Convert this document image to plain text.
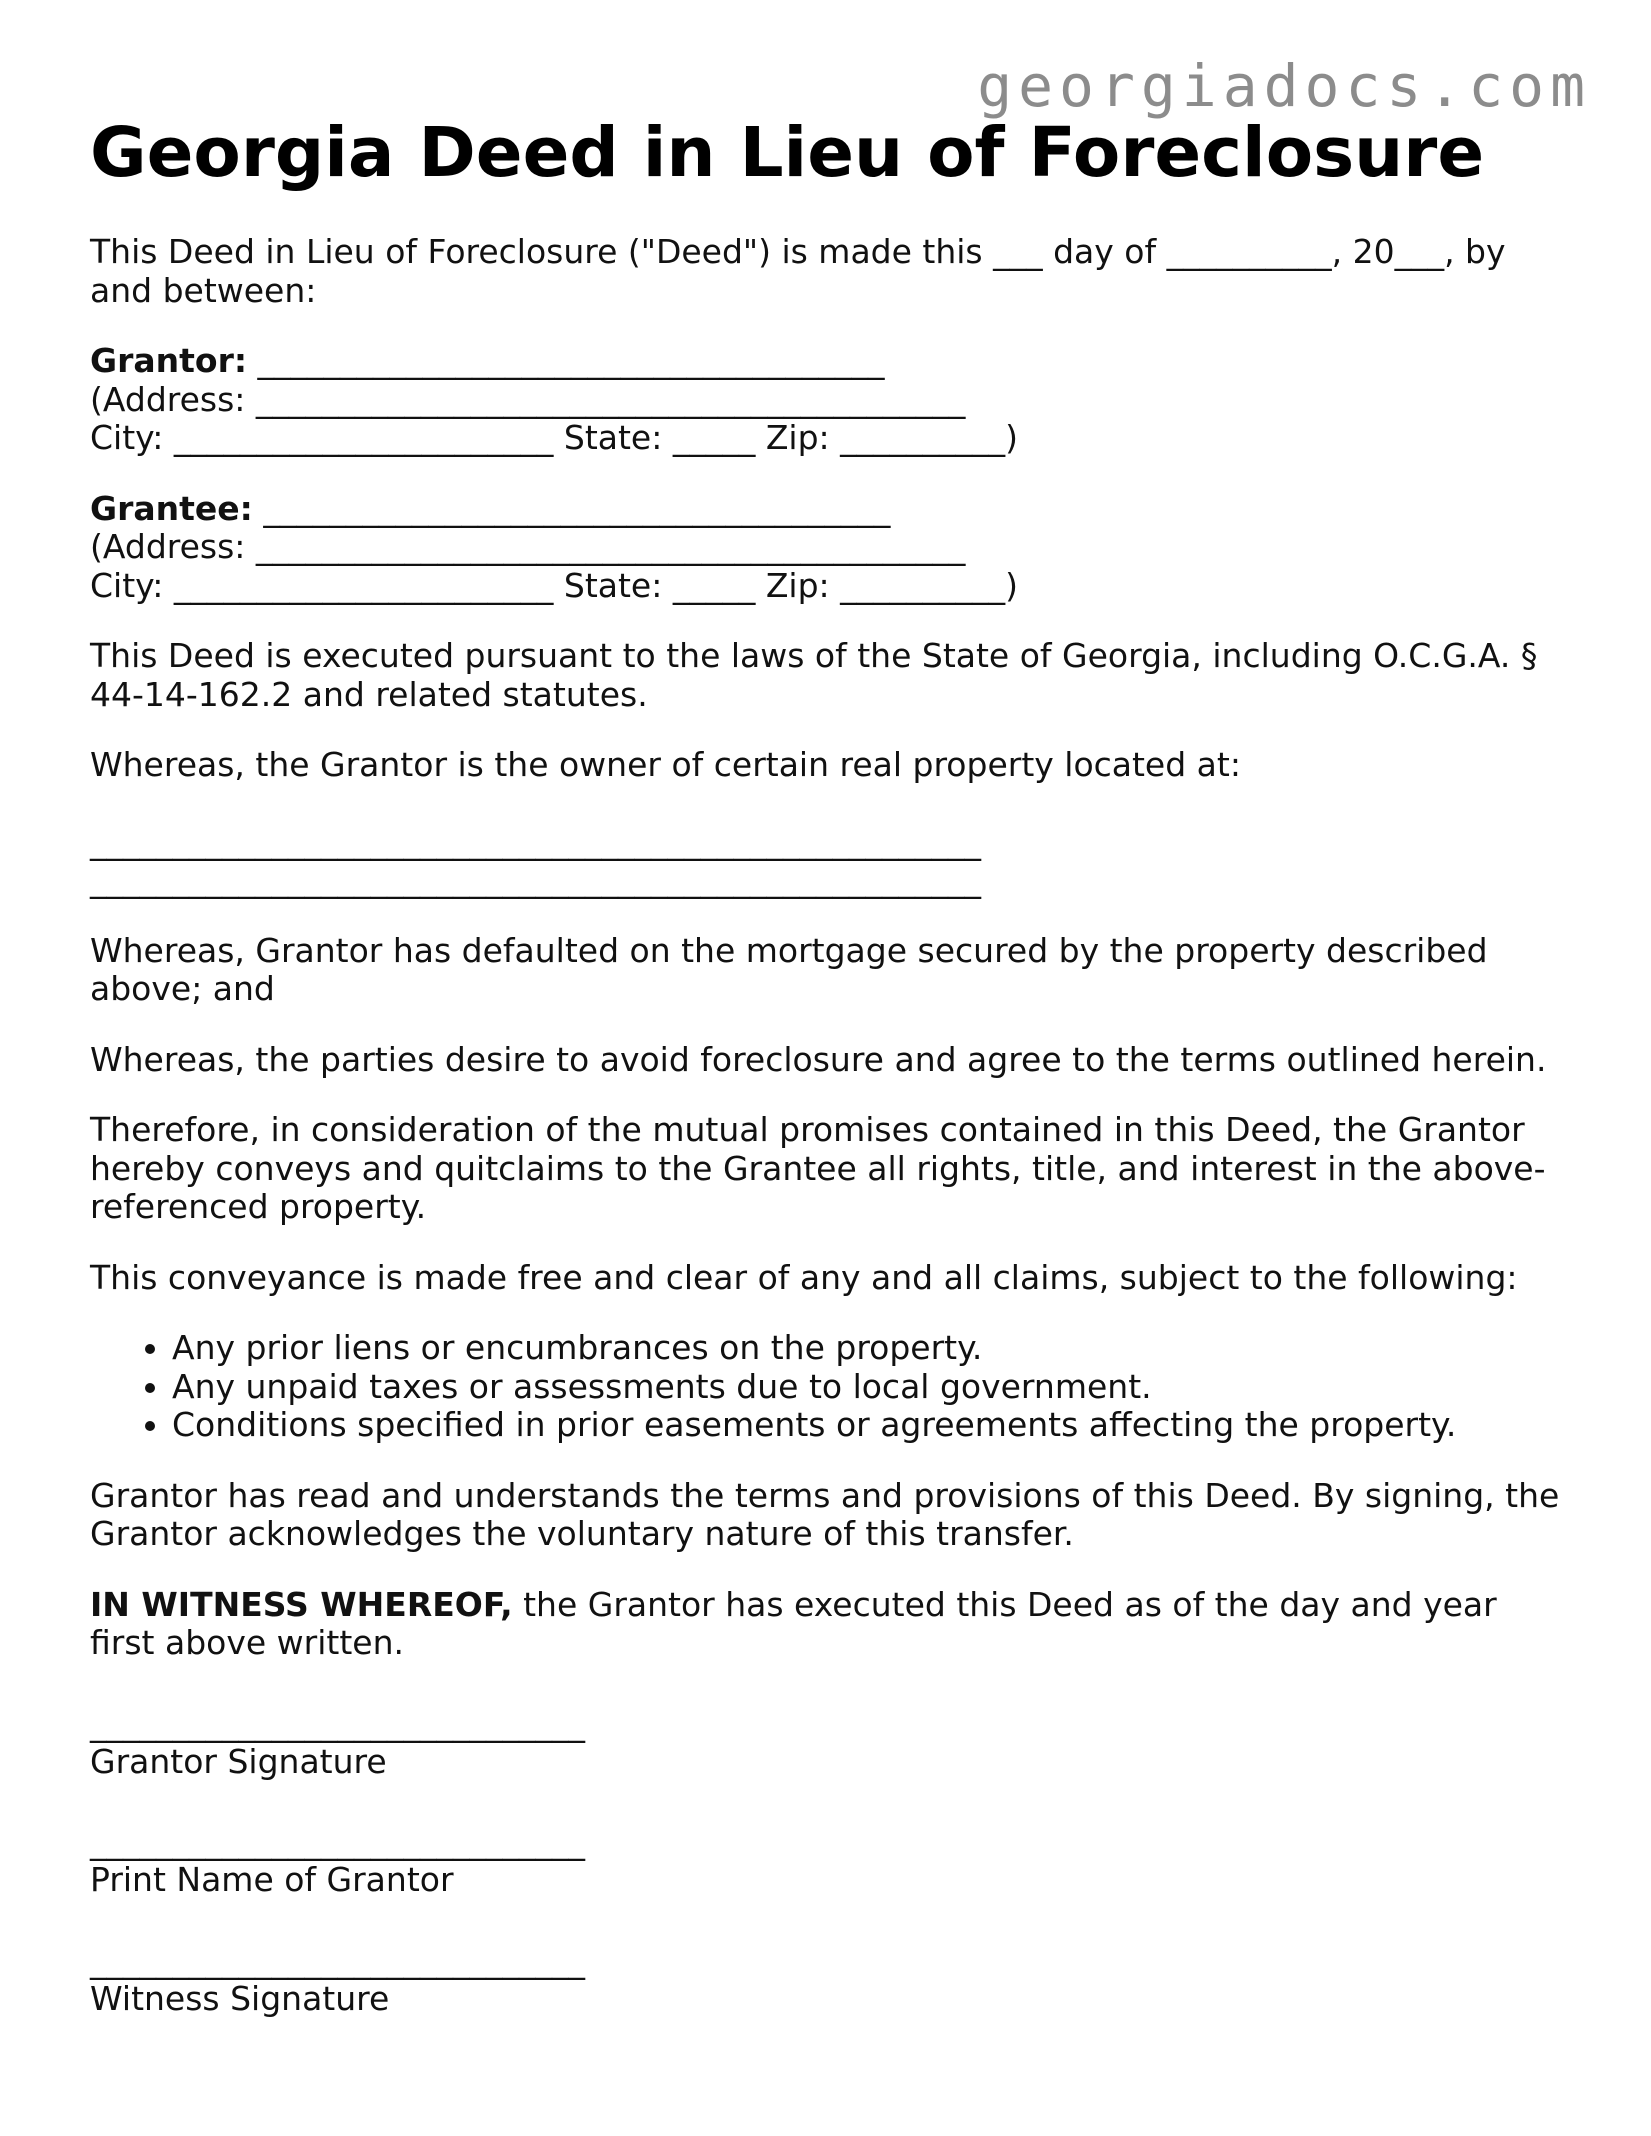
georgiadocs.com
Georgia Deed in Lieu of Foreclosure

This Deed in Lieu of Foreclosure ("Deed") is made this ___ day of __________, 20___, by and between:

Grantor: ______________________________________
(Address: ___________________________________________
City: _______________________ State: _____ Zip: __________)
Grantee: ______________________________________
(Address: ___________________________________________
City: _______________________ State: _____ Zip: __________)

This Deed is executed pursuant to the laws of the State of Georgia, including O.C.G.A. § 44-14-162.2 and related statutes.

Whereas, the Grantor is the owner of certain real property located at:

______________________________________________________
______________________________________________________

Whereas, Grantor has defaulted on the mortgage secured by the property described above; and

Whereas, the parties desire to avoid foreclosure and agree to the terms outlined herein.

Therefore, in consideration of the mutual promises contained in this Deed, the Grantor hereby conveys and quitclaims to the Grantee all rights, title, and interest in the above-referenced property.

This conveyance is made free and clear of any and all claims, subject to the following:

• Any prior liens or encumbrances on the property.
• Any unpaid taxes or assessments due to local government.
• Conditions specified in prior easements or agreements affecting the property.

Grantor has read and understands the terms and provisions of this Deed. By signing, the Grantor acknowledges the voluntary nature of this transfer.

IN WITNESS WHEREOF, the Grantor has executed this Deed as of the day and year first above written.

______________________________
Grantor Signature
______________________________
Print Name of Grantor
______________________________
Witness Signature
